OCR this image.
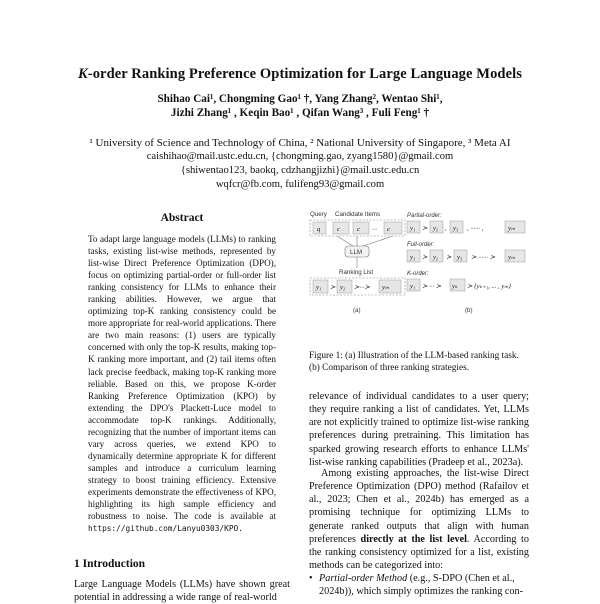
K-order Ranking Preference Optimization for Large Language Models
Shihao Cai¹, Chongming Gao¹ †, Yang Zhang², Wentao Shi¹,
Jizhi Zhang¹ , Keqin Bao¹ , Qifan Wang³ , Fuli Feng¹ †
¹ University of Science and Technology of China, ² National University of Singapore, ³ Meta AI
caishihao@mail.ustc.edu.cn, {chongming.gao, zyang1580}@gmail.com
{shiwentao123, baokq, cdzhangjizhi}@mail.ustc.edu.cn
wqfcr@fb.com, fulifeng93@gmail.com
Abstract
To adapt large language models (LLMs) to ranking tasks, existing list-wise methods, represented by list-wise Direct Preference Optimization (DPO), focus on optimizing partial-order or full-order list ranking consistency for LLMs to enhance their ranking abilities. However, we argue that optimizing top-K ranking consistency could be more appropriate for real-world applications. There are two main reasons: (1) users are typically concerned with only the top-K results, making top-K ranking more important, and (2) tail items often lack precise feedback, making top-K ranking more reliable. Based on this, we propose K-order Ranking Preference Optimization (KPO) by extending the DPO's Plackett-Luce model to accommodate top-K rankings. Additionally, recognizing that the number of important items can vary across queries, we extend KPO to dynamically determine appropriate K for different samples and introduce a curriculum learning strategy to boost training efficiency. Extensive experiments demonstrate the effectiveness of KPO, highlighting its high sample efficiency and robustness to noise. The code is available at https://github.com/Lanyu0303/KPO.
1 Introduction
Large Language Models (LLMs) have shown great potential in addressing a wide range of real-world
Query Candidate Items
q	c	c ··· c
LLM
Ranking List
y₁ ≻ y₂ ≻···≻ yₘ
(a)
Partial-order:
y₁ ≻ y₂ , y₃ , ······ ,	yₘ
Full-order:
y₁ ≻ y₂ ≻ y₃ ≻ ······ ≻ yₘ
K-order:
y₁ ≻ ··· ≻ yₖ ≻ {yₖ₊₁, ... , yₘ}
(b)
Figure 1: (a) Illustration of the LLM-based ranking task. (b) Comparison of three ranking strategies.
relevance of individual candidates to a user query; they require ranking a list of candidates. Yet, LLMs are not explicitly trained to optimize list-wise ranking preferences during pretraining. This limitation has sparked growing research efforts to enhance LLMs' list-wise ranking capabilities (Pradeep et al., 2023a).
Among existing approaches, the list-wise Direct Preference Optimization (DPO) method (Rafailov et al., 2023; Chen et al., 2024b) has emerged as a promising technique for optimizing LLMs to generate ranked outputs that align with human preferences directly at the list level. According to the ranking consistency optimized for a list, existing methods can be categorized into:
• Partial-order Method (e.g., S-DPO (Chen et al., 2024b)), which simply optimizes the ranking con-
